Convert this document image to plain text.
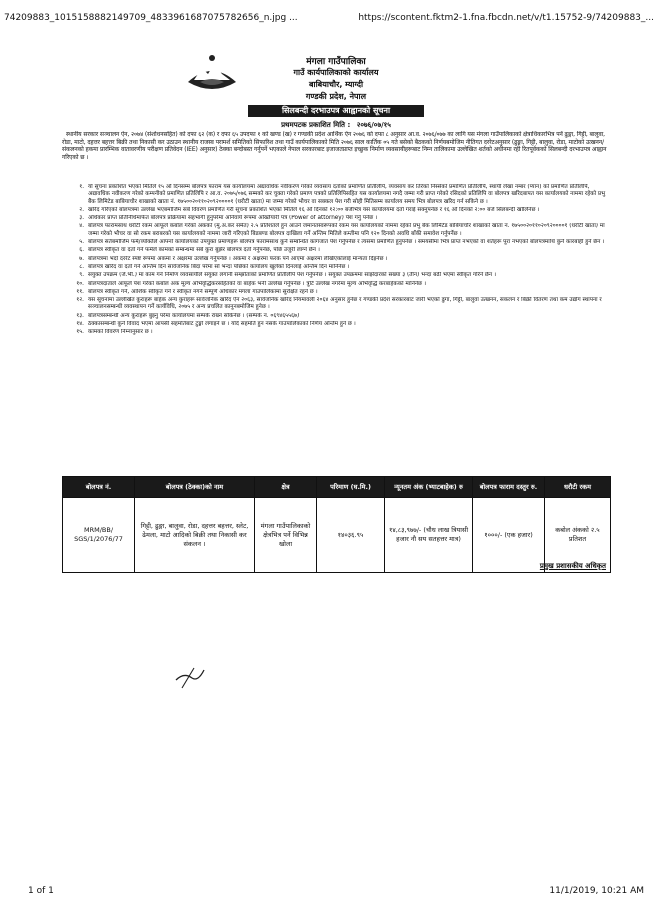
74209883_1015158882149709_4833961687075782656_n.jpg ...	https://scontent.fktm2-1.fna.fbcdn.net/v/t1.15752-9/74209883_...
मंगला गाउँपालिका
गाउँ कार्यपालिकाको कार्यालय
बाबियाचौर, म्याग्दी
गण्डकी प्रदेश, नेपाल
सिलबन्दी दरभाउपत्र आह्वानको सूचना
प्रथमपटक प्रकाशित मिति : २०७६/०७/१५
स्थानीय सरकार सञ्चालन ऐन, २०७४ (संशोधनसहित) को दफा ६२ (क) र दफा ६५ उपदफा १ को खण्ड (ख) र गण्डकी प्रदेश आर्थिक ऐन २०७६ को दफा ८ अनुसार आ.व. २०७६/०७७ का लागि यस मंगला गाउँपालिकाको क्षेत्राधिकारभित्र पर्ने ढुङ्गा, गिट्टी, बालुवा, रोडा, माटो, दहत्तर बहत्तर बिक्री तथा निकासी कर उठाउन स्थानीय राजस्व परामर्श समितिको सिफारिश तथा गाउँ कार्यपालिकाको मिति २०७६ साल कार्तिक ०५ गते बसेको बैठकको निर्णयबमोजिम नीतिगत दररेटअनुसार (ढुङ्गा, गिट्टी, बालुवा, रोडा, माटोको उत्खनन/संकलनको हकमा प्रारम्भिक वातावरणीय परीक्षण प्रतिवेदन (IEE) अनुसार) ठेक्का बन्दोबस्त गर्नुपर्ने भएकाले नेपाल सरकारबाट इजाजतप्राप्त इच्छुक निर्माण व्यवसायीहरूबाट निम्न तालिकामा उल्लेखित शर्तको अधीनमा रही रितपूर्वकको सिलबन्दी दरभाउपत्र आह्वान गरिएको छ ।
१. यो सूचना प्रकाशित भएको मितिले १५ औं दिनसम्म बोलपत्र फाराम यस कार्यालयमा अद्यावधिक नवीकरण गरेको व्यवसाय दर्ताको प्रमाणित प्रतिलिपि, व्यवसाय कर तिरेको निस्सेको प्रमाणित प्रतिलिपि, स्थायी लेखा नम्बर (प्यान) को प्रमाणित प्रतिलिपि, अद्यावधिक नवीकरण गरेको कम्पनीको प्रमाणित प्रतिलिपि र आ.व. २०७५/०७६ सम्मको कर चुक्ता गरेको प्रमाण पत्रको प्रतिलिपिसहित यस कार्यालयमा नगदै जम्मा गरी प्राप्त गरेको रसिदको प्रतिलिपि वा बोलपत्र खरिदबापत यस कार्यालयको नाममा रहेको प्रभु बैंक लिमिटेड बाबियाचौर शाखाको खाता नं. १७५००२०११०२०९२००००१ (धरौटी खाता) मा जम्मा गरेको भौचर वा सक्कल पेश गरी सोही मितिसम्म कार्यालय समय भित्र बोलपत्र खरिद गर्न सकिने छ ।
२. खरिद गरिएको बोलपत्रमा उल्लेख भएबमोजिम सबै विवरण प्रमाणित गरी सूचना प्रकाशित भएको मितिले १६ औं दिनको १२:०० बजेभित्र यस कार्यालयमा दर्ता गराई सक्नुपर्नेछ र १६ औं दिनको २:०० बजे सिलबन्दी खोलिनेछ ।
३. अधिकार प्राप्त प्रतिनिधिमार्फत बोलपत्र प्रक्रियामा सहभागी हुनुपरेमा अनिवार्य रूपमा अख्तियारी पत्र (Power of attorney) पेश गर्नु पर्नेछ ।
४. बोलपत्र फारामसाथ धरौटी रकम आफूले कबोल गरेको अंकको (मु.अ.कर समेत) २.५ प्रतिशतले हुन आउने जमानतस्वरूपको रकम यस कार्यालयको नाममा रहेको प्रभु बैंक लिमिटेड बाबियाचौर शाखाको खाता नं. १७५००२०११०२०९२००००१ (धरौटी खाता) मा जम्मा गरेको भौचर वा सो रकम बराबरको यस कार्यालयको नाममा जारी गरिएको बिडबण्ड बोलपत्र दाखिला गर्ने अन्तिम मितिले कम्तीमा पनि १२० दिनको अवधि बाँकी समावेश गर्नुपर्नेछ ।
५. बोलपत्र सर्तबमोजिम फर्म/व्यक्तिले आफ्नो कार्यालयको उपयुक्त प्रमाणहरू बोलपत्र फारामसाथ कुनै सम्बन्धित कागजात पेश गर्नुपर्नेछ र त्यसमा प्रमाणित हुनुपर्नेछ । समयसीमा भित्र प्राप्त नभएको वा शर्तहरू पूरा नभएको बोलपत्रमाथि कुनै कारबाही हुने छैन ।
६. बोलपत्र स्वीकृत वा दर्ता गर्ने फर्मले कामको सम्बन्धमा सबै कुरा बुझेर बोलपत्र दर्ता गर्नुपर्नेछ, पछि उजुरी लाग्ने छैन ।
७. बोलपत्रमा भर्दा दररेट स्पष्ट रूपमा अंकमा र अक्षरमा उल्लेख गर्नुपर्नेछ । अंकमा र अक्षरमा फरक पर्न आएमा अक्षरमा लेखिएकोलाई मान्यता दिइनेछ ।
८. बोलपत्र खरिद वा दर्ता गर्ने अन्तिम दिन सार्वजनिक बिदा परेमा सो भन्दा पछिको कार्यालय खुलेको दिनलाई अन्तिम दिन मानिनेछ ।
९. संयुक्त उपक्रम (जे.भी.) मा काम गर्ने निर्माण व्यवसायीले संयुक्त लगानी सम्झौताको प्रमाणित प्रतिलिपि पेश गर्नुपर्नेछ । संयुक्त उपक्रममा साझेदारको संख्या ३ (तीन) भन्दा बढी भएमा स्वीकृत गरिने छैन ।
१०. बोलपत्रदाताले आफूले पेश गरेको कबोल अंक मूल्य अभिवृद्धिकरसहितको वा बाहेक भनी उल्लेख गर्नुपर्नेछ । त्रुटि उल्लेख नगरेमा मूल्य अभिवृद्धि करबाहेकको मानिनेछ ।
११. बोलपत्र स्वीकृत गर्ने, आंशिक स्वीकृत गर्ने र स्वीकृत नगर्ने सम्पूर्ण अधिकार मंगला गाउँपालिकामा सुरक्षित रहने छ ।
१२. यस सूचनामा उल्लेखित कुराहरू बाहेक अन्य कुराहरू सार्वजनिक खरिद ऐन २०६३, सार्वजनिक खरिद नियमावली २०६४ अनुसार हुनेछ र गण्डकी प्रदेश सरकारबाट जारी भएको ढुंगा, गिट्टी, बालुवा उत्खनन, संकलन र बिक्री वितरण तथा कम उद्योग स्थापना र सञ्चालनसम्बन्धी व्यवस्थापन गर्ने कार्यविधि, २०७५ र अन्य प्रचलित कानुनबमोजिम हुनेछ ।
१३. बोलपत्रसम्बन्धी अन्य कुराहरू बुझ्नु परेमा कार्यालयमा सम्पर्क राख्न सकिनेछ । (सम्पर्क नं. ०६९४६५५६७)
१४. ठेक्कासम्बन्धी कुनै विवाद भएमा आपसी सहमतिबाट टुङ्गो लगाइने छ । यदि सहमति हुन नसके गाउँपालिकाको निर्णय अन्तिम हुने छ ।
१५. कामको विवरण निम्नानुसार छ ।
बोलपत्र नं.	बोलपत्र (ठेक्का)को नाम	क्षेत्र	परिमाण (घ.मि.)	न्यूनतम अंक (भ्याटबाहेक) रु	बोलपत्र फाराम दस्तुर रु.	धरौटी रकम
MRM/BB/ SGS/1/2076/77	गिट्टी, ढुङ्गा, बालुवा, रोडा, दहत्तर बहत्तर, स्लेट, ढेमला, माटो आदिको बिक्री तथा निकासी कर संकलन ।	मंगला गाउँपालिकाको क्षेत्रभित्र पर्ने विभिन्न खोला	१४०३६.९५	१४,८३,९७७/- (चौध लाख त्रियासी हजार नौ सय सतहत्तर मात्र)	१०००/- (एक हजार)	कबोल अंकको २.५ प्रतिशत
प्रमुख प्रशासकीय अधिकृत
1 of 1	11/1/2019, 10:21 AM
